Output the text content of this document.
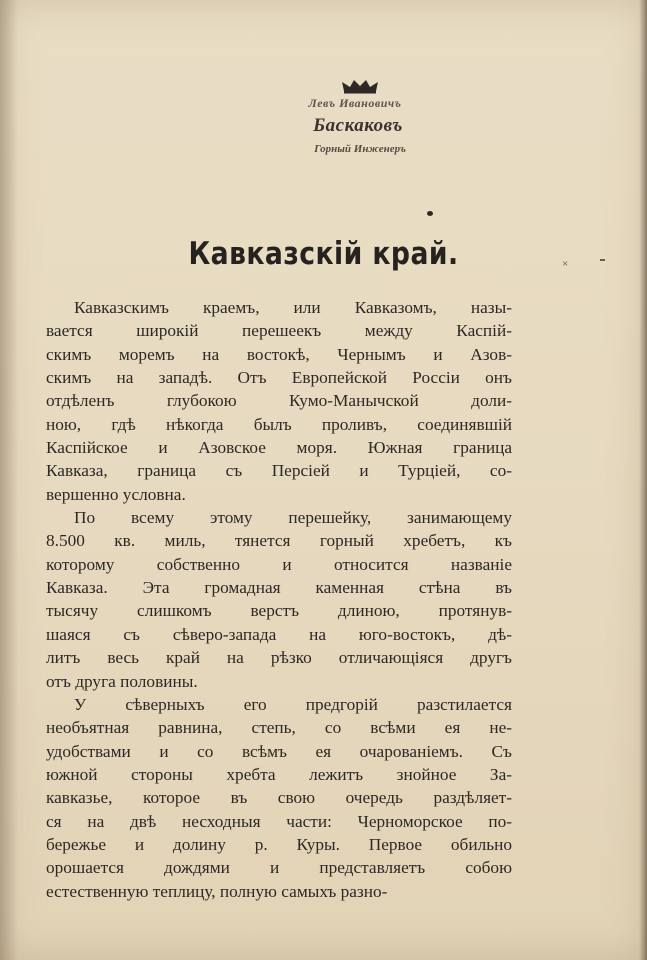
Левъ Ивановичъ
Баскаковъ
Горный Инженеръ
×
Кавказскій край.
Кавказскимъ краемъ, или Кавказомъ, назы-
вается широкій перешеекъ между Каспій-
скимъ моремъ на востокѣ, Чернымъ и Азов-
скимъ на западѣ. Отъ Европейской Россіи онъ
отдѣленъ глубокою Кумо-Манычской доли-
ною, гдѣ нѣкогда былъ проливъ, соединявшій
Каспійское и Азовское моря. Южная граница
Кавказа, граница съ Персіей и Турціей, со-
вершенно условна.
По всему этому перешейку, занимающему
8.500 кв. миль, тянется горный хребетъ, къ
которому собственно и относится названіе
Кавказа. Эта громадная каменная стѣна въ
тысячу слишкомъ верстъ длиною, протянув-
шаяся съ сѣверо-запада на юго-востокъ, дѣ-
литъ весь край на рѣзко отличающіяся другъ
отъ друга половины.
У сѣверныхъ его предгорій разстилается
необъятная равнина, степь, со всѣми ея не-
удобствами и со всѣмъ ея очарованіемъ. Съ
южной стороны хребта лежитъ знойное За-
кавказье, которое въ свою очередь раздѣляет-
ся на двѣ несходныя части: Черноморское по-
бережье и долину р. Куры. Первое обильно
орошается дождями и представляетъ собою
естественную теплицу, полную самыхъ разно-
